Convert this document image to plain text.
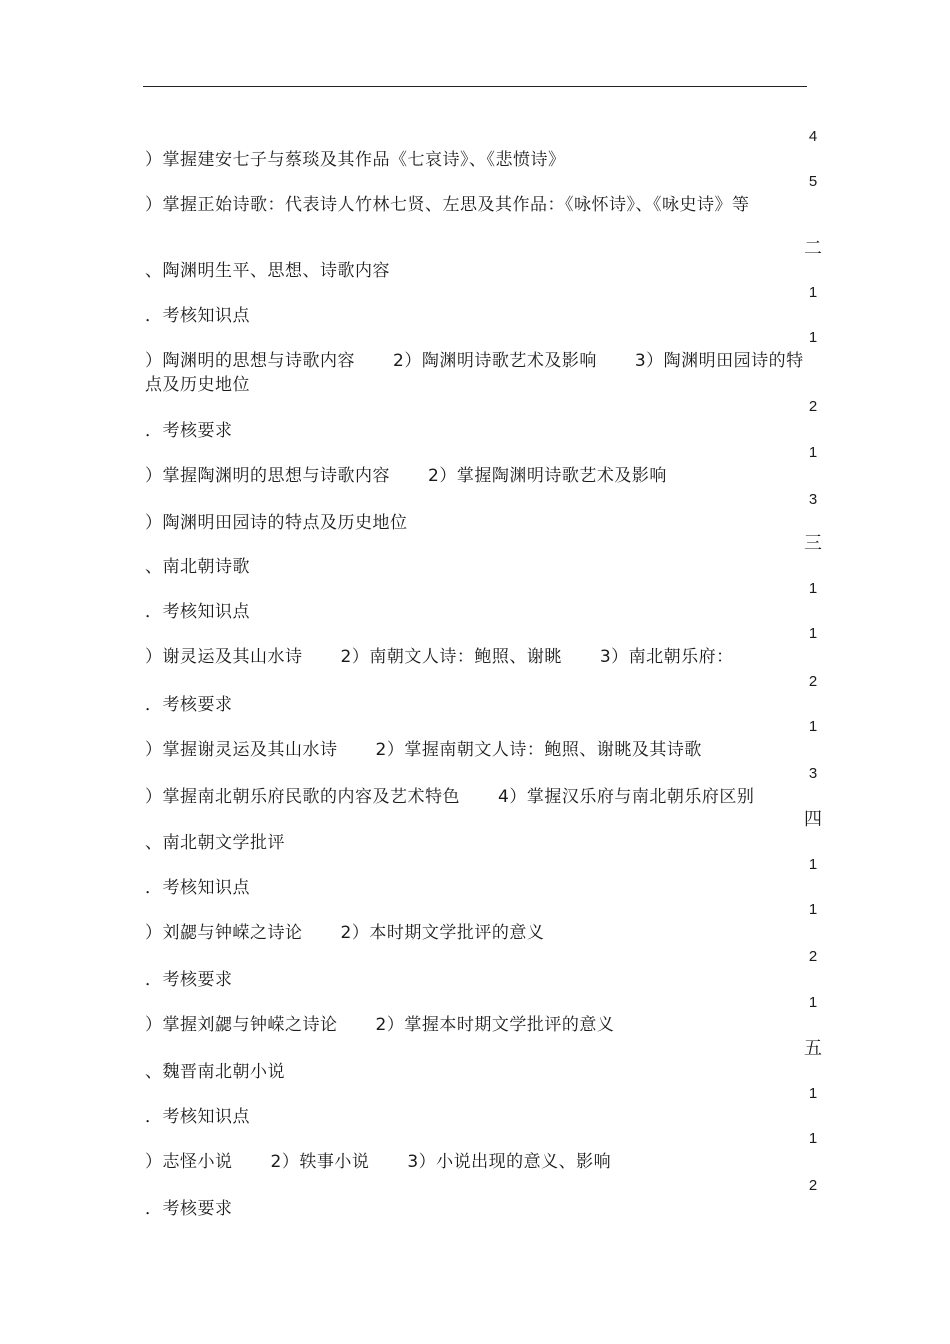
）掌握建安七子与蔡琰及其作品《七哀诗》、《悲愤诗》
）掌握正始诗歌：代表诗人竹林七贤、左思及其作品：《咏怀诗》、《咏史诗》等
、陶渊明生平、思想、诗歌内容
．考核知识点
）陶渊明的思想与诗歌内容 2）陶渊明诗歌艺术及影响 3）陶渊明田园诗的特点及历史地位
．考核要求
）掌握陶渊明的思想与诗歌内容 2）掌握陶渊明诗歌艺术及影响
）陶渊明田园诗的特点及历史地位
、南北朝诗歌
．考核知识点
）谢灵运及其山水诗 2）南朝文人诗：鲍照、谢眺 3）南北朝乐府：
．考核要求
）掌握谢灵运及其山水诗 2）掌握南朝文人诗：鲍照、谢眺及其诗歌
）掌握南北朝乐府民歌的内容及艺术特色 4）掌握汉乐府与南北朝乐府区别
、南北朝文学批评
．考核知识点
）刘勰与钟嵘之诗论 2）本时期文学批评的意义
．考核要求
）掌握刘勰与钟嵘之诗论 2）掌握本时期文学批评的意义
、魏晋南北朝小说
．考核知识点
）志怪小说 2）轶事小说 3）小说出现的意义、影响
．考核要求
4
5
二
1
1
2
1
3
三
1
1
2
1
3
四
1
1
2
1
五
1
1
2
